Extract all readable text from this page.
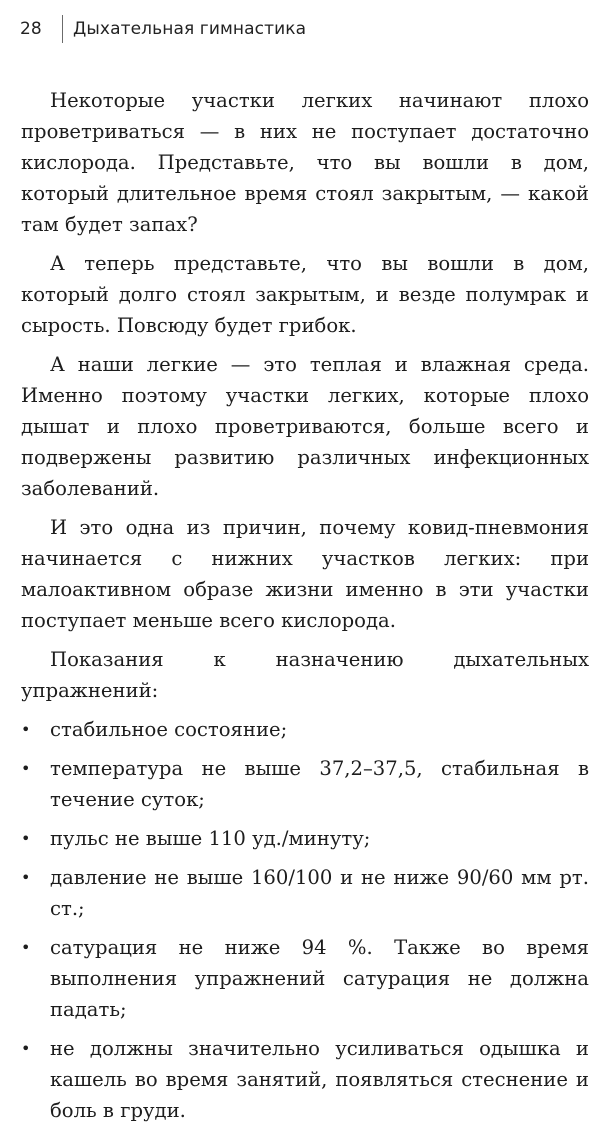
28	Дыхательная гимнастика

Некоторые участки легких начинают плохо проветриваться — в них не поступает достаточно кислорода. Представьте, что вы вошли в дом, который длительное время стоял закрытым, — какой там будет запах?

А теперь представьте, что вы вошли в дом, который долго стоял закрытым, и везде полумрак и сырость. Повсюду будет грибок.

А наши легкие — это теплая и влажная среда. Именно поэтому участки легких, которые плохо дышат и плохо проветриваются, больше всего и подвержены развитию различных инфекционных заболеваний.

И это одна из причин, почему ковид-пневмония начинается с нижних участков легких: при малоактивном образе жизни именно в эти участки поступает меньше всего кислорода.

Показания к назначению дыхательных упражнений:

• стабильное состояние;
• температура не выше 37,2–37,5, стабильная в течение суток;
• пульс не выше 110 уд./минуту;
• давление не выше 160/100 и не ниже 90/60 мм рт. ст.;
• сатурация не ниже 94 %. Также во время выполнения упражнений сатурация не должна падать;
• не должны значительно усиливаться одышка и кашель во время занятий, появляться стеснение и боль в груди.
